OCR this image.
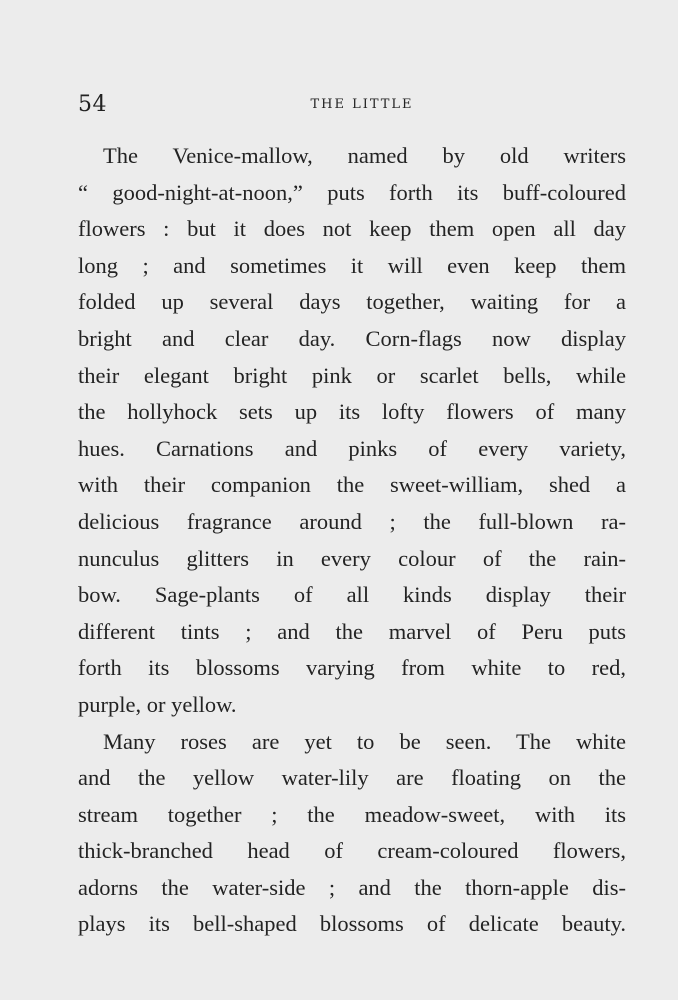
54	THE LITTLE
The Venice-mallow, named by old writers
“ good-night-at-noon,” puts forth its buff-coloured
flowers : but it does not keep them open all day
long ; and sometimes it will even keep them
folded up several days together, waiting for a
bright and clear day. Corn-flags now display
their elegant bright pink or scarlet bells, while
the hollyhock sets up its lofty flowers of many
hues. Carnations and pinks of every variety,
with their companion the sweet-william, shed a
delicious fragrance around ; the full-blown ra-
nunculus glitters in every colour of the rain-
bow. Sage-plants of all kinds display their
different tints ; and the marvel of Peru puts
forth its blossoms varying from white to red,
purple, or yellow.
Many roses are yet to be seen. The white
and the yellow water-lily are floating on the
stream together ; the meadow-sweet, with its
thick-branched head of cream-coloured flowers,
adorns the water-side ; and the thorn-apple dis-
plays its bell-shaped blossoms of delicate beauty.
